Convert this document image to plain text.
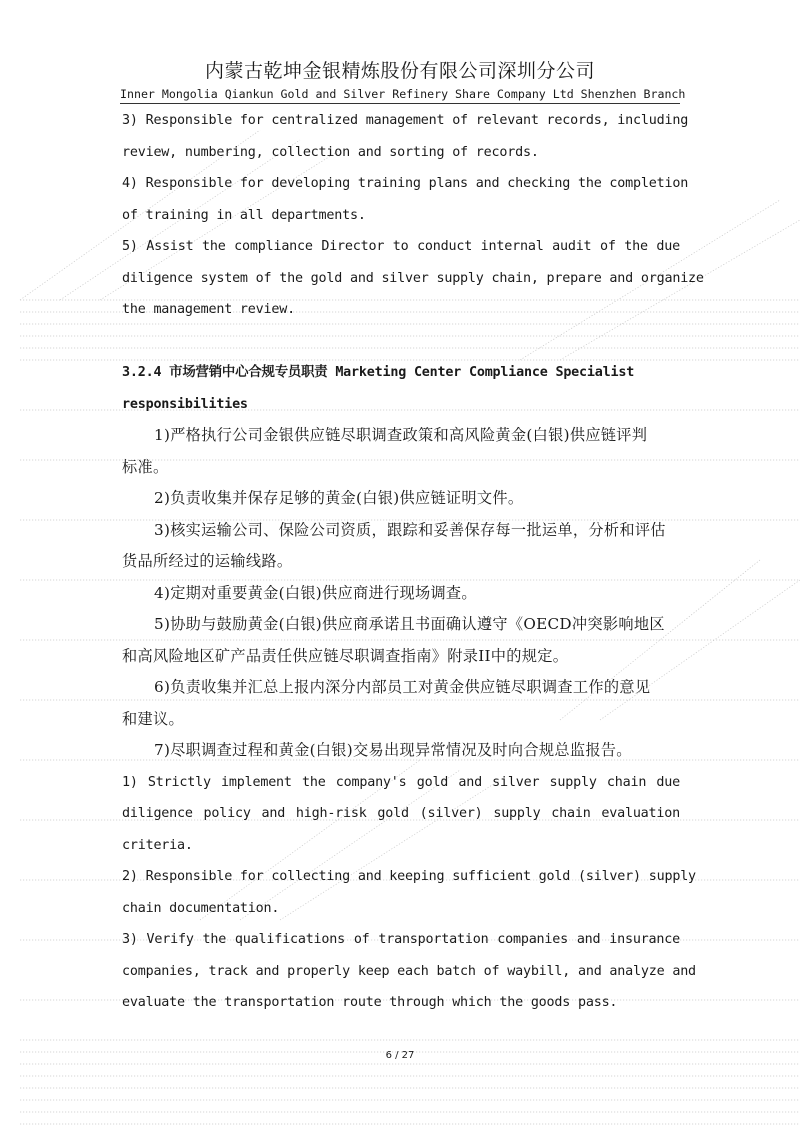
内蒙古乾坤金银精炼股份有限公司深圳分公司
Inner Mongolia Qiankun Gold and Silver Refinery Share Company Ltd Shenzhen Branch
3) Responsible for centralized management of relevant records, including
review, numbering, collection and sorting of records.
4) Responsible for developing training plans and checking the completion
of training in all departments.
5) Assist the compliance Director to conduct internal audit of the due
diligence system of the gold and silver supply chain, prepare and organize
the management review.
3.2.4 市场营销中心合规专员职责 Marketing Center Compliance Specialist
responsibilities
1)严格执行公司金银供应链尽职调查政策和高风险黄金(白银)供应链评判
标准。
2)负责收集并保存足够的黄金(白银)供应链证明文件。
3)核实运输公司、保险公司资质，跟踪和妥善保存每一批运单，分析和评估
货品所经过的运输线路。
4)定期对重要黄金(白银)供应商进行现场调查。
5)协助与鼓励黄金(白银)供应商承诺且书面确认遵守《OECD冲突影响地区
和高风险地区矿产品责任供应链尽职调查指南》附录II中的规定。
6)负责收集并汇总上报内深分内部员工对黄金供应链尽职调查工作的意见
和建议。
7)尽职调查过程和黄金(白银)交易出现异常情况及时向合规总监报告。
1) Strictly implement the company's gold and silver supply chain due
diligence policy and high-risk gold (silver) supply chain evaluation
criteria.
2) Responsible for collecting and keeping sufficient gold (silver) supply
chain documentation.
3) Verify the qualifications of transportation companies and insurance
companies, track and properly keep each batch of waybill, and analyze and
evaluate the transportation route through which the goods pass.
6 / 27
